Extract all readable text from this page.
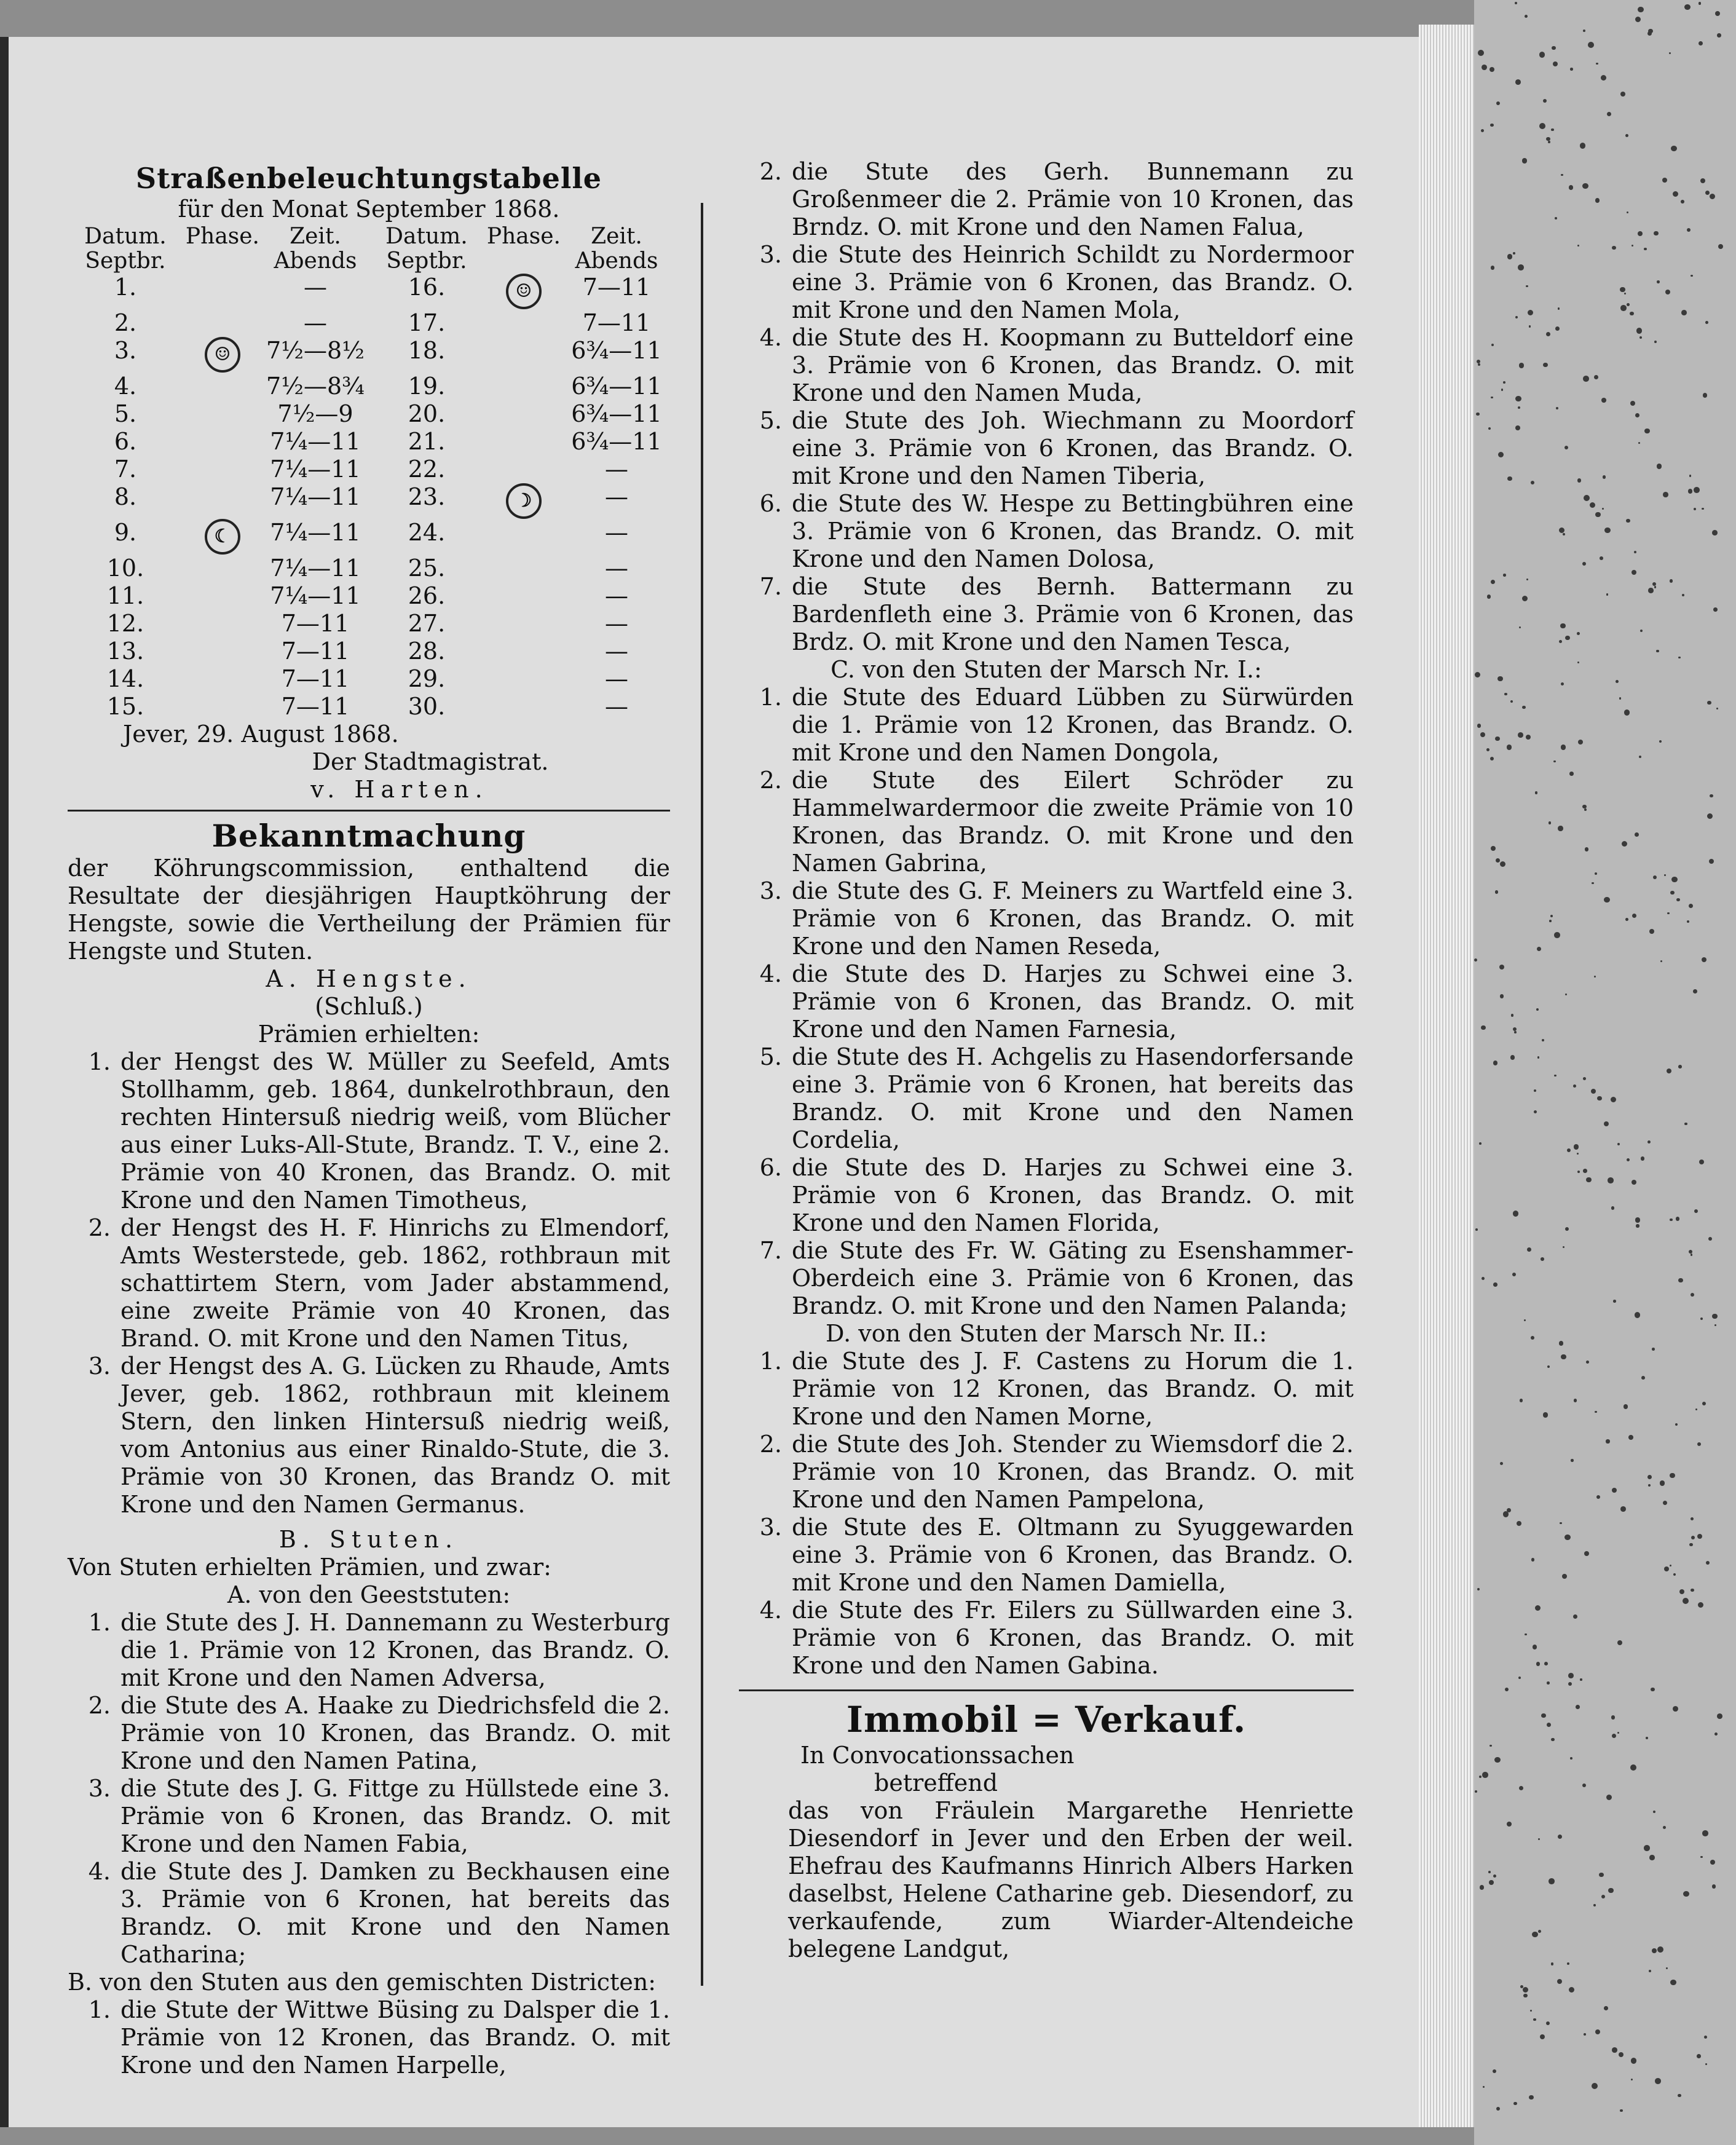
Straßenbeleuchtungstabelle
für den Monat September 1868.
Datum. Septbr.	Phase.	Zeit. Abends	Datum. Septbr.	Phase.	Zeit. Abends
1.		—	16.	☺	7—11
2.		—	17.		7—11
3.	☺	7½—8½	18.		6¾—11
4.		7½—8¾	19.		6¾—11
5.		7½—9	20.		6¾—11
6.		7¼—11	21.		6¾—11
7.		7¼—11	22.		—
8.		7¼—11	23.	☽	—
9.	☾	7¼—11	24.		—
10.		7¼—11	25.		—
11.		7¼—11	26.		—
12.		7—11	27.		—
13.		7—11	28.		—
14.		7—11	29.		—
15.		7—11	30.		—
Jever, 29. August 1868.
Der Stadtmagistrat.
v. Harten.
Bekanntmachung

der Köhrungscommission, enthaltend die Resultate der diesjährigen Hauptköhrung der Hengste, sowie die Vertheilung der Prämien für Hengste und Stuten.

A. Hengste.
(Schluß.)
Prämien erhielten:
1. der Hengst des W. Müller zu Seefeld, Amts Stollhamm, geb. 1864, dunkelrothbraun, den rechten Hintersuß niedrig weiß, vom Blücher aus einer Luks-All-Stute, Brandz. T. V., eine 2. Prämie von 40 Kronen, das Brandz. O. mit Krone und den Namen Timotheus,
2. der Hengst des H. F. Hinrichs zu Elmendorf, Amts Westerstede, geb. 1862, rothbraun mit schattirtem Stern, vom Jader abstammend, eine zweite Prämie von 40 Kronen, das Brand. O. mit Krone und den Namen Titus,
3. der Hengst des A. G. Lücken zu Rhaude, Amts Jever, geb. 1862, rothbraun mit kleinem Stern, den linken Hintersuß niedrig weiß, vom Antonius aus einer Rinaldo-Stute, die 3. Prämie von 30 Kronen, das Brandz O. mit Krone und den Namen Germanus.
B. Stuten.
Von Stuten erhielten Prämien, und zwar:
A. von den Geeststuten:
1. die Stute des J. H. Dannemann zu Westerburg die 1. Prämie von 12 Kronen, das Brandz. O. mit Krone und den Namen Adversa,
2. die Stute des A. Haake zu Diedrichsfeld die 2. Prämie von 10 Kronen, das Brandz. O. mit Krone und den Namen Patina,
3. die Stute des J. G. Fittge zu Hüllstede eine 3. Prämie von 6 Kronen, das Brandz. O. mit Krone und den Namen Fabia,
4. die Stute des J. Damken zu Beckhausen eine 3. Prämie von 6 Kronen, hat bereits das Brandz. O. mit Krone und den Namen Catharina;
B. von den Stuten aus den gemischten Districten:
1. die Stute der Wittwe Büsing zu Dalsper die 1. Prämie von 12 Kronen, das Brandz. O. mit Krone und den Namen Harpelle,
2. die Stute des Gerh. Bunnemann zu Großenmeer die 2. Prämie von 10 Kronen, das Brndz. O. mit Krone und den Namen Falua,
3. die Stute des Heinrich Schildt zu Nordermoor eine 3. Prämie von 6 Kronen, das Brandz. O. mit Krone und den Namen Mola,
4. die Stute des H. Koopmann zu Butteldorf eine 3. Prämie von 6 Kronen, das Brandz. O. mit Krone und den Namen Muda,
5. die Stute des Joh. Wiechmann zu Moordorf eine 3. Prämie von 6 Kronen, das Brandz. O. mit Krone und den Namen Tiberia,
6. die Stute des W. Hespe zu Bettingbühren eine 3. Prämie von 6 Kronen, das Brandz. O. mit Krone und den Namen Dolosa,
7. die Stute des Bernh. Battermann zu Bardenfleth eine 3. Prämie von 6 Kronen, das Brdz. O. mit Krone und den Namen Tesca,
C. von den Stuten der Marsch Nr. I.:
1. die Stute des Eduard Lübben zu Sürwürden die 1. Prämie von 12 Kronen, das Brandz. O. mit Krone und den Namen Dongola,
2. die Stute des Eilert Schröder zu Hammelwardermoor die zweite Prämie von 10 Kronen, das Brandz. O. mit Krone und den Namen Gabrina,
3. die Stute des G. F. Meiners zu Wartfeld eine 3. Prämie von 6 Kronen, das Brandz. O. mit Krone und den Namen Reseda,
4. die Stute des D. Harjes zu Schwei eine 3. Prämie von 6 Kronen, das Brandz. O. mit Krone und den Namen Farnesia,
5. die Stute des H. Achgelis zu Hasendorfersande eine 3. Prämie von 6 Kronen, hat bereits das Brandz. O. mit Krone und den Namen Cordelia,
6. die Stute des D. Harjes zu Schwei eine 3. Prämie von 6 Kronen, das Brandz. O. mit Krone und den Namen Florida,
7. die Stute des Fr. W. Gäting zu Esenshammer-Oberdeich eine 3. Prämie von 6 Kronen, das Brandz. O. mit Krone und den Namen Palanda;
D. von den Stuten der Marsch Nr. II.:
1. die Stute des J. F. Castens zu Horum die 1. Prämie von 12 Kronen, das Brandz. O. mit Krone und den Namen Morne,
2. die Stute des Joh. Stender zu Wiemsdorf die 2. Prämie von 10 Kronen, das Brandz. O. mit Krone und den Namen Pampelona,
3. die Stute des E. Oltmann zu Syuggewarden eine 3. Prämie von 6 Kronen, das Brandz. O. mit Krone und den Namen Damiella,
4. die Stute des Fr. Eilers zu Süllwarden eine 3. Prämie von 6 Kronen, das Brandz. O. mit Krone und den Namen Gabina.
Immobil = Verkauf.
In Convocationssachen
betreffend

das von Fräulein Margarethe Henriette Diesendorf in Jever und den Erben der weil. Ehefrau des Kaufmanns Hinrich Albers Harken daselbst, Helene Catharine geb. Diesendorf, zu verkaufende, zum Wiarder-Altendeiche belegene Landgut,
